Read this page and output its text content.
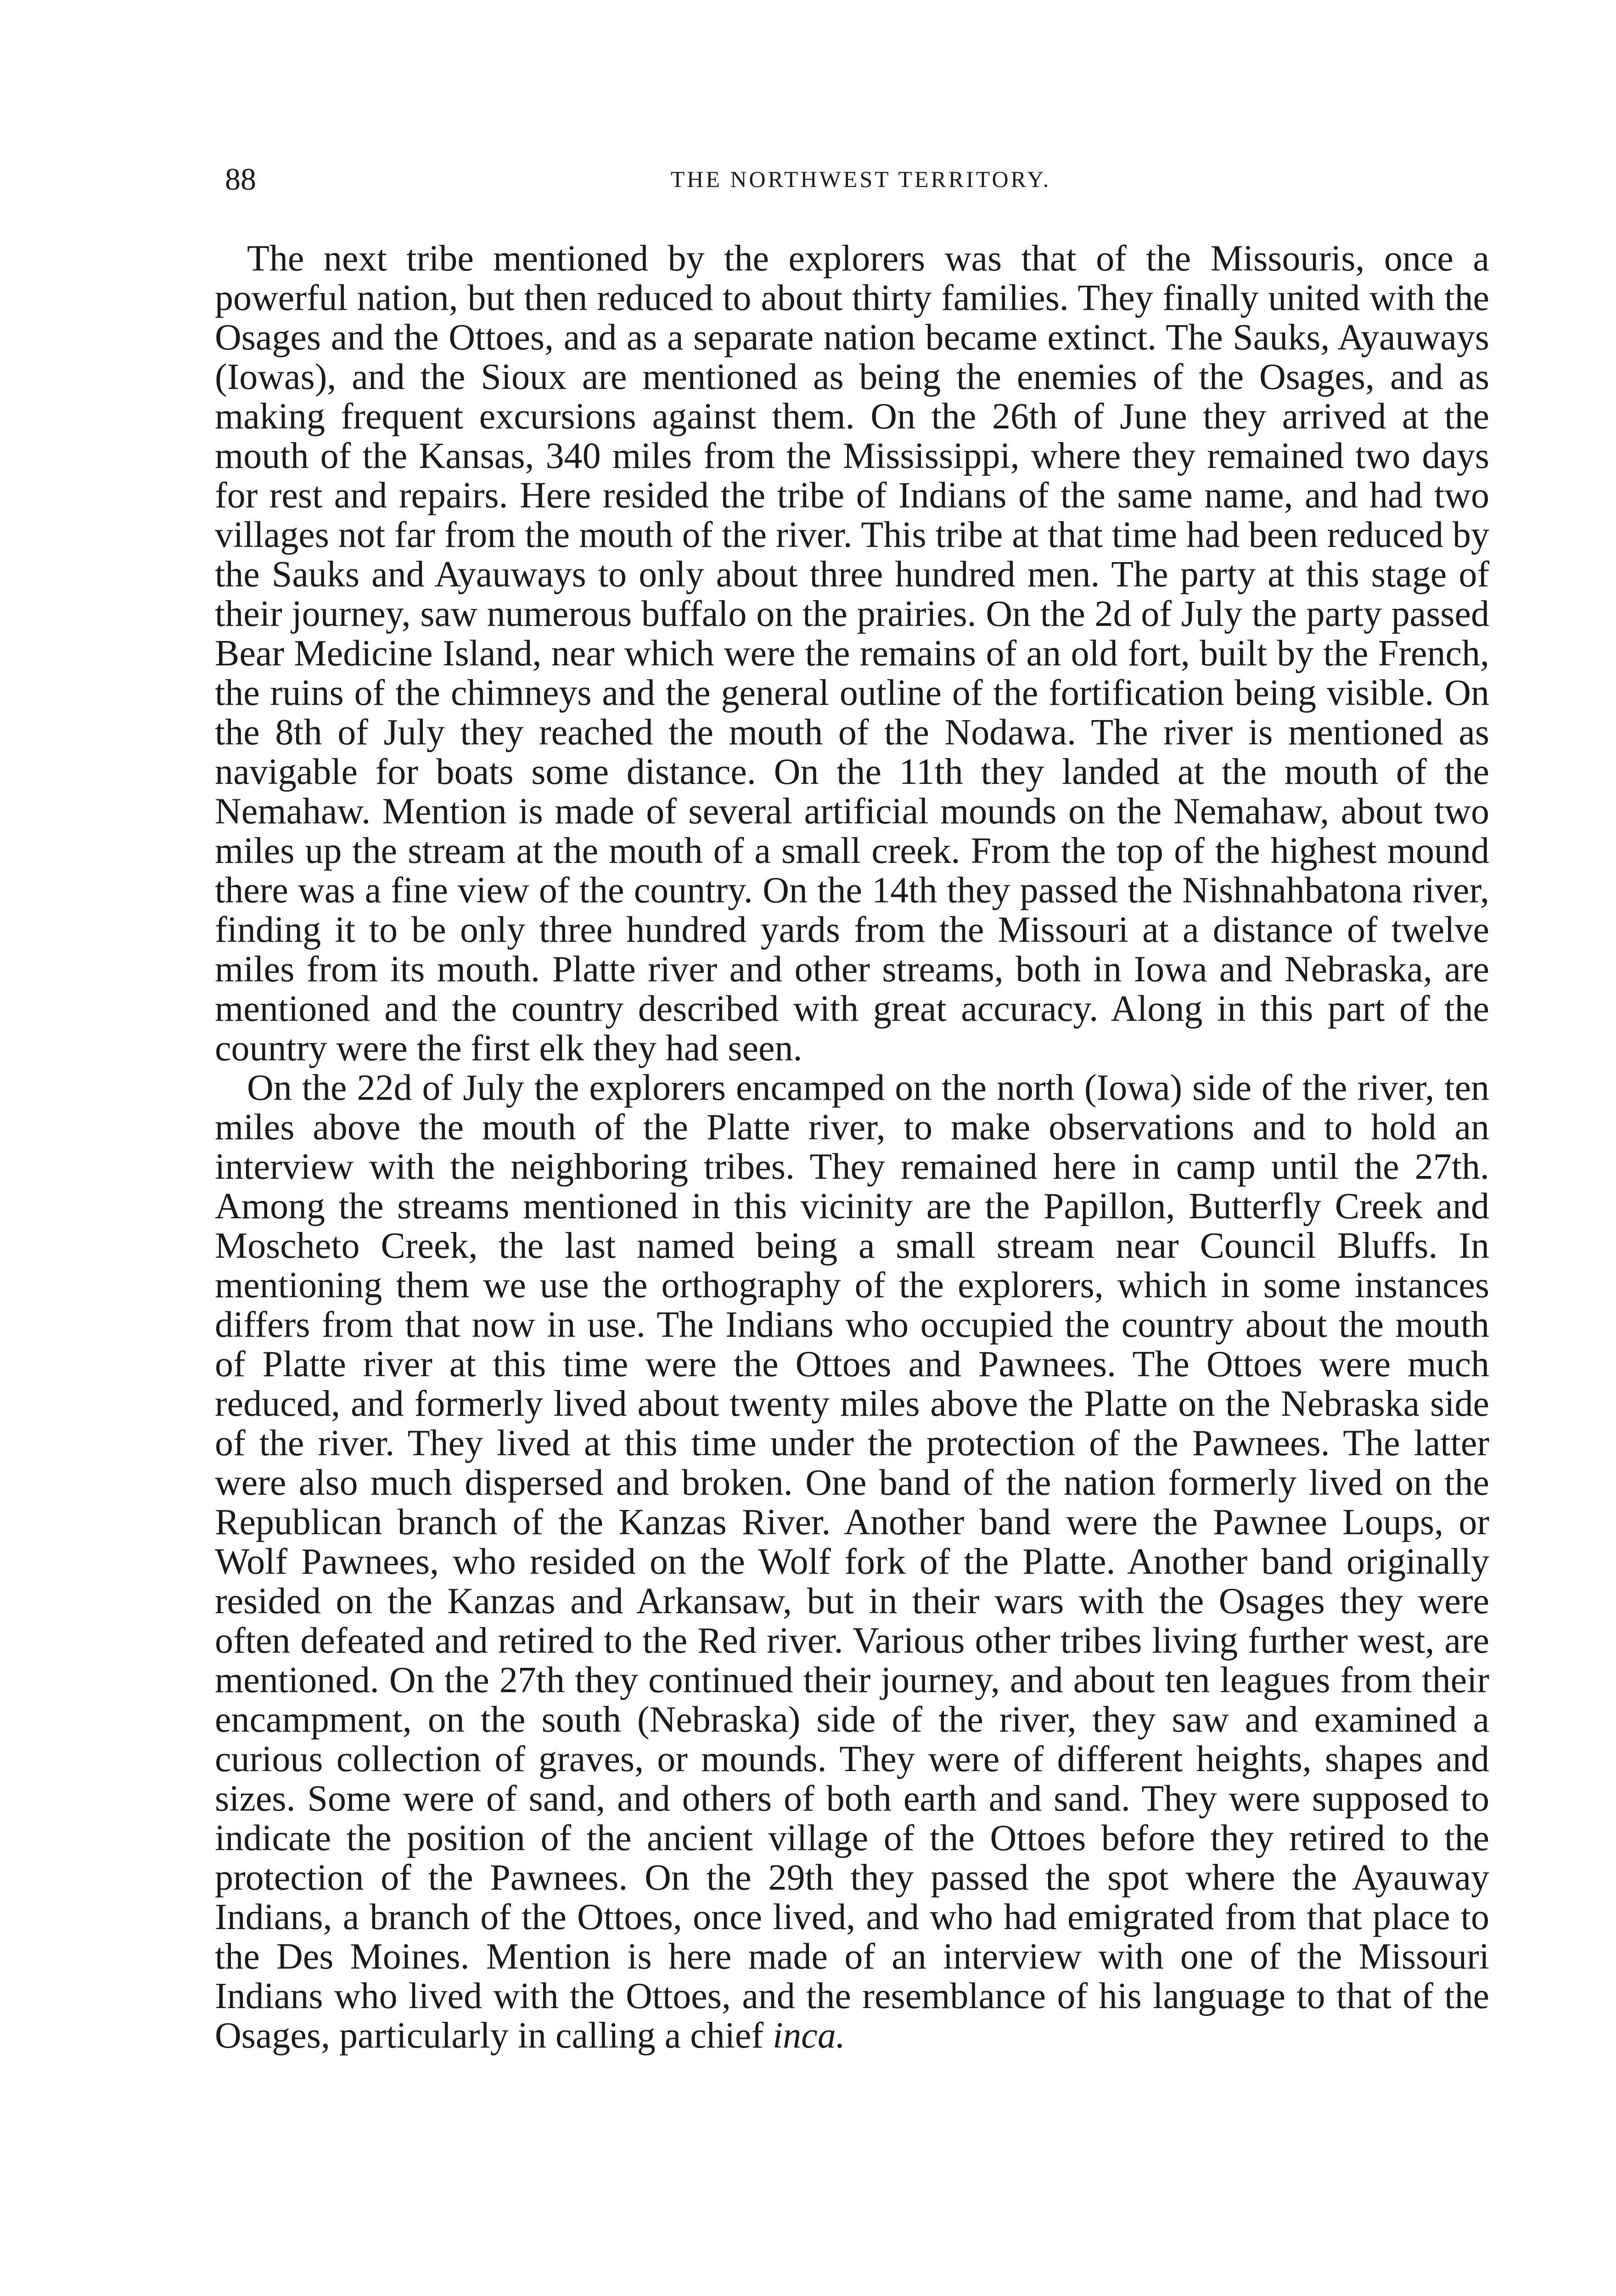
88	THE NORTHWEST TERRITORY.

The next tribe mentioned by the explorers was that of the Missouris, once a powerful nation, but then reduced to about thirty families. They finally united with the Osages and the Ottoes, and as a separate nation became extinct. The Sauks, Ayauways (Iowas), and the Sioux are mentioned as being the enemies of the Osages, and as making frequent excursions against them. On the 26th of June they arrived at the mouth of the Kansas, 340 miles from the Mississippi, where they remained two days for rest and repairs. Here resided the tribe of Indians of the same name, and had two villages not far from the mouth of the river. This tribe at that time had been reduced by the Sauks and Ayauways to only about three hundred men. The party at this stage of their journey, saw numerous buffalo on the prairies. On the 2d of July the party passed Bear Medicine Island, near which were the remains of an old fort, built by the French, the ruins of the chimneys and the general outline of the fortification being visible. On the 8th of July they reached the mouth of the Nodawa. The river is mentioned as navigable for boats some distance. On the 11th they landed at the mouth of the Nemahaw. Mention is made of several artificial mounds on the Nemahaw, about two miles up the stream at the mouth of a small creek. From the top of the highest mound there was a fine view of the country. On the 14th they passed the Nishnahbatona river, finding it to be only three hundred yards from the Missouri at a distance of twelve miles from its mouth. Platte river and other streams, both in Iowa and Nebraska, are mentioned and the country described with great accuracy. Along in this part of the country were the first elk they had seen.

On the 22d of July the explorers encamped on the north (Iowa) side of the river, ten miles above the mouth of the Platte river, to make observations and to hold an interview with the neighboring tribes. They remained here in camp until the 27th. Among the streams mentioned in this vicinity are the Papillon, Butterfly Creek and Moscheto Creek, the last named being a small stream near Council Bluffs. In mentioning them we use the orthography of the explorers, which in some instances differs from that now in use. The Indians who occupied the country about the mouth of Platte river at this time were the Ottoes and Pawnees. The Ottoes were much reduced, and formerly lived about twenty miles above the Platte on the Nebraska side of the river. They lived at this time under the protection of the Pawnees. The latter were also much dispersed and broken. One band of the nation formerly lived on the Republican branch of the Kanzas River. Another band were the Pawnee Loups, or Wolf Pawnees, who resided on the Wolf fork of the Platte. Another band originally resided on the Kanzas and Arkansaw, but in their wars with the Osages they were often defeated and retired to the Red river. Various other tribes living further west, are mentioned. On the 27th they continued their journey, and about ten leagues from their encampment, on the south (Nebraska) side of the river, they saw and examined a curious collection of graves, or mounds. They were of different heights, shapes and sizes. Some were of sand, and others of both earth and sand. They were supposed to indicate the position of the ancient village of the Ottoes before they retired to the protection of the Pawnees. On the 29th they passed the spot where the Ayauway Indians, a branch of the Ottoes, once lived, and who had emigrated from that place to the Des Moines. Mention is here made of an interview with one of the Missouri Indians who lived with the Ottoes, and the resemblance of his language to that of the Osages, particularly in calling a chief inca.
